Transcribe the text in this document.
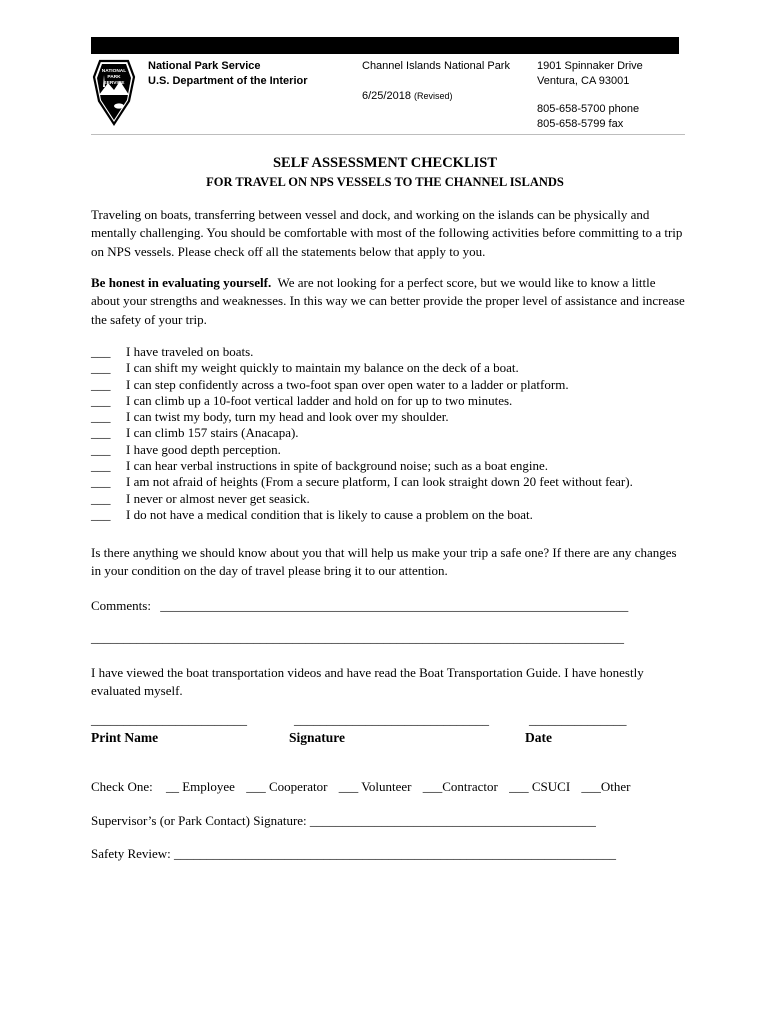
NATIONAL
PARK
SERVICE
National Park Service
U.S. Department of the Interior
Channel Islands National Park
6/25/2018 (Revised)
1901 Spinnaker Drive
Ventura, CA 93001
805-658-5700 phone
805-658-5799 fax
SELF ASSESSMENT CHECKLIST
FOR TRAVEL ON NPS VESSELS TO THE CHANNEL ISLANDS
Traveling on boats, transferring between vessel and dock, and working on the islands can be physically and mentally challenging. You should be comfortable with most of the following activities before committing to a trip on NPS vessels. Please check off all the statements below that apply to you.
Be honest in evaluating yourself.  We are not looking for a perfect score, but we would like to know a little about your strengths and weaknesses. In this way we can better provide the proper level of assistance and increase the safety of your trip.
___ I have traveled on boats.
___ I can shift my weight quickly to maintain my balance on the deck of a boat.
___ I can step confidently across a two-foot span over open water to a ladder or platform.
___ I can climb up a 10-foot vertical ladder and hold on for up to two minutes.
___ I can twist my body, turn my head and look over my shoulder.
___ I can climb 157 stairs (Anacapa).
___ I have good depth perception.
___ I can hear verbal instructions in spite of background noise; such as a boat engine.
___ I am not afraid of heights (From a secure platform, I can look straight down 20 feet without fear).
___ I never or almost never get seasick.
___ I do not have a medical condition that is likely to cause a problem on the boat.
Is there anything we should know about you that will help us make your trip a safe one? If there are any changes in your condition on the day of travel please bring it to our attention.
Comments: ________________________________________________________________________
__________________________________________________________________________________
I have viewed the boat transportation videos and have read the Boat Transportation Guide. I have honestly evaluated myself.
________________________	______________________________	_______________
Print Name	Signature	Date
Check One: __ Employee ___ Cooperator ___ Volunteer ___Contractor ___ CSUCI ___Other
Supervisor’s (or Park Contact) Signature: ____________________________________________
Safety Review: ____________________________________________________________________
